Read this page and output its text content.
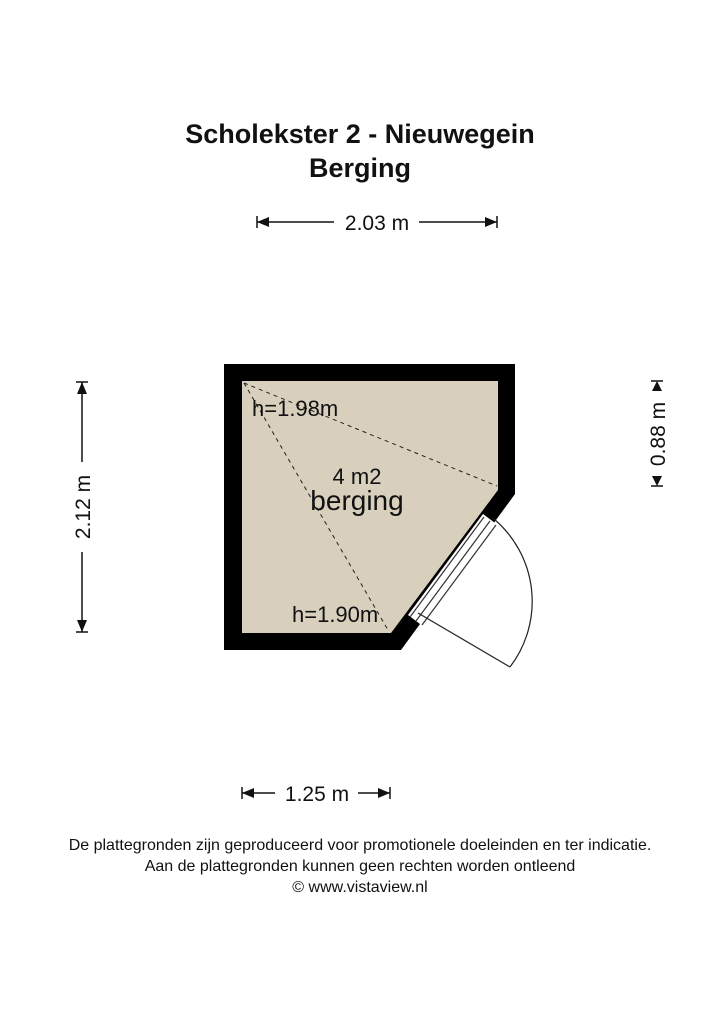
Scholekster 2 - Nieuwegein
Berging
2.03 m
2.12 m
0.88 m
1.25 m
h=1.98m
4 m2
berging
h=1.90m
De plattegronden zijn geproduceerd voor promotionele doeleinden en ter indicatie.
Aan de plattegronden kunnen geen rechten worden ontleend
© www.vistaview.nl
